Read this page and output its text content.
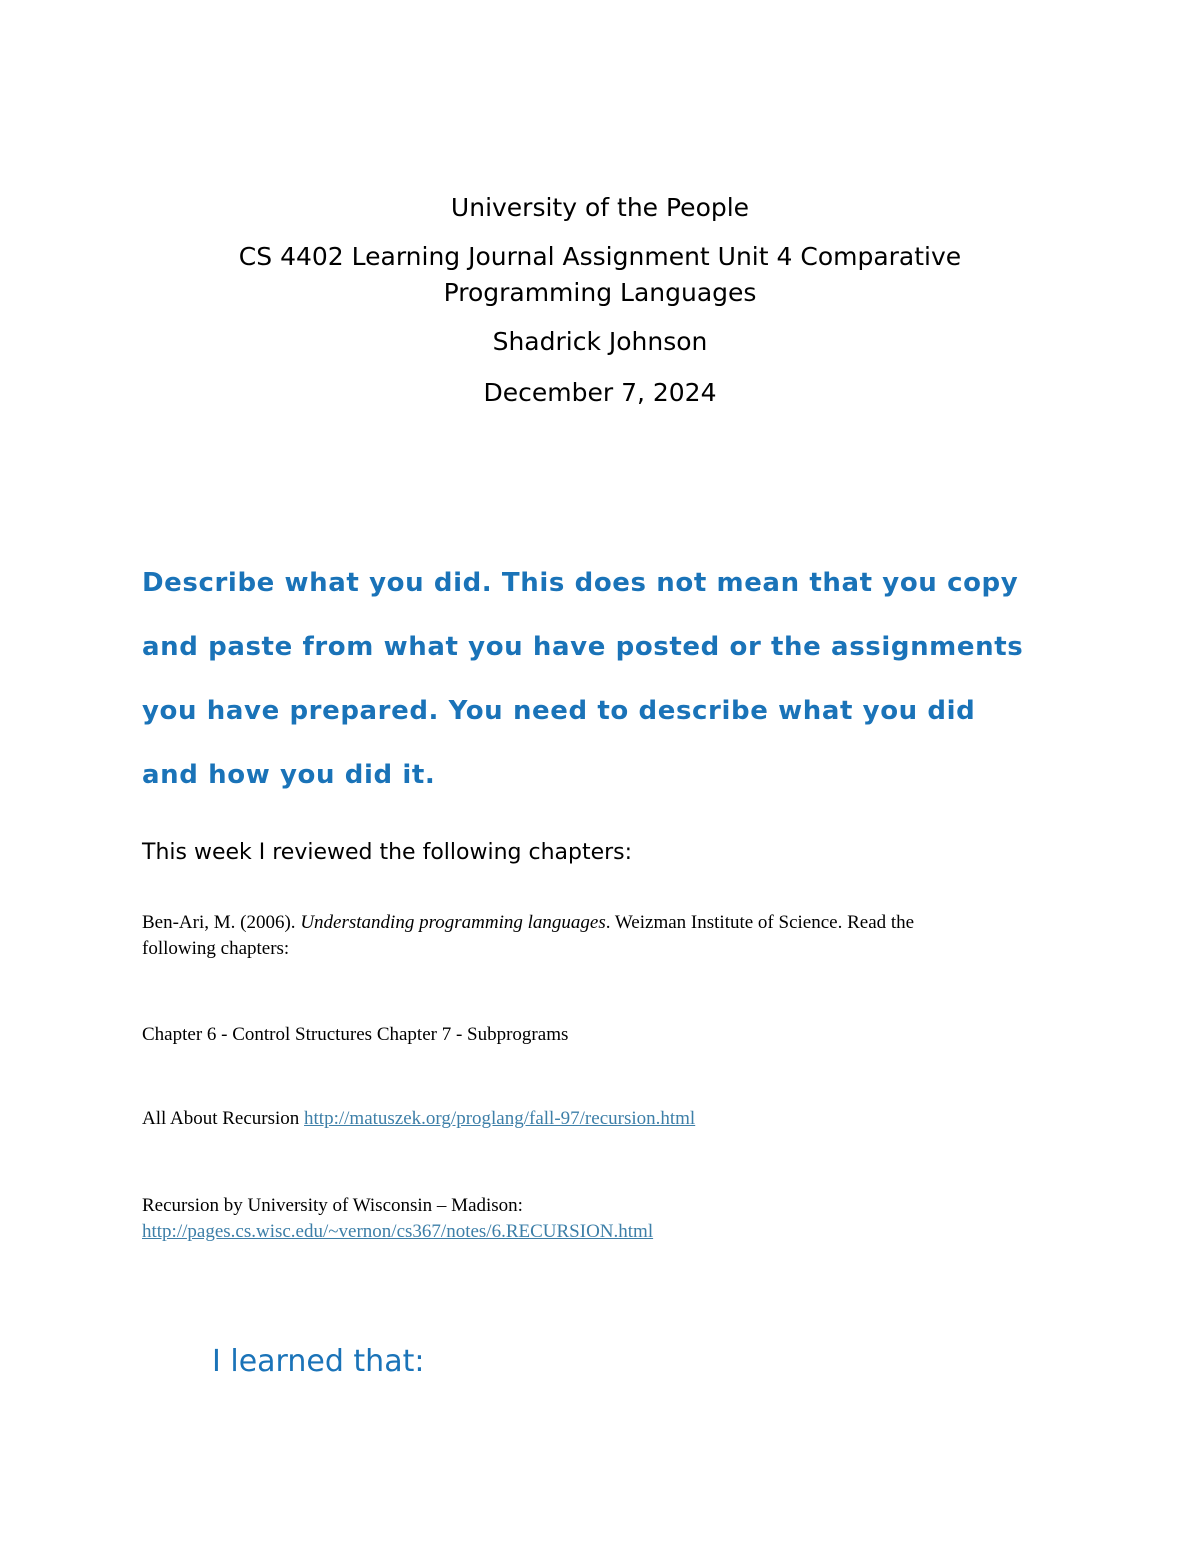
University of the People
CS 4402 Learning Journal Assignment Unit 4 Comparative
Programming Languages
Shadrick Johnson
December 7, 2024
Describe what you did. This does not mean that you copy
and paste from what you have posted or the assignments
you have prepared. You need to describe what you did
and how you did it.
This week I reviewed the following chapters:
Ben-Ari, M. (2006). Understanding programming languages. Weizman Institute of Science. Read the
following chapters:
Chapter 6 - Control Structures Chapter 7 - Subprograms
All About Recursion http://matuszek.org/proglang/fall-97/recursion.html
Recursion by University of Wisconsin – Madison:
http://pages.cs.wisc.edu/~vernon/cs367/notes/6.RECURSION.html
I learned that:
